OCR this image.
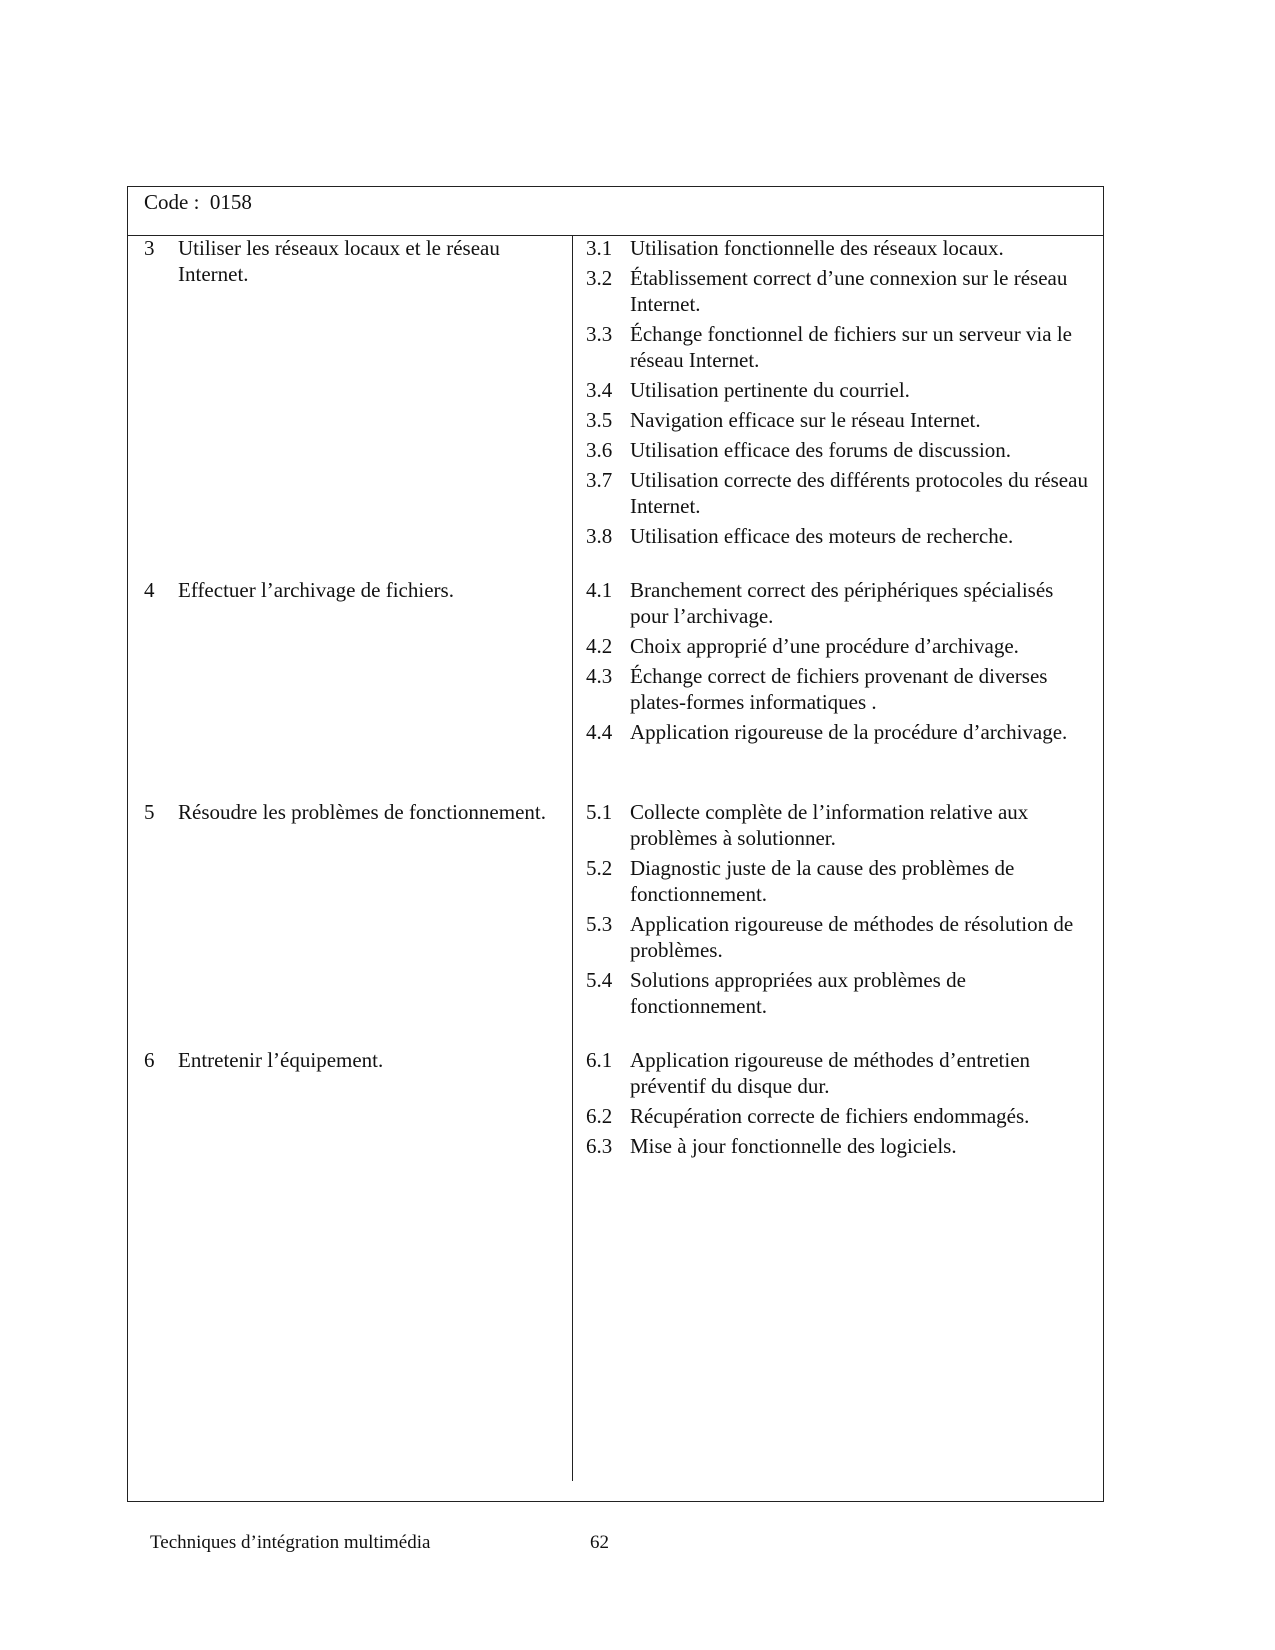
Code : 0158
3	Utiliser les réseaux locaux et le réseau Internet.
3.1 Utilisation fonctionnelle des réseaux locaux.
3.2 Établissement correct d’une connexion sur le réseau Internet.
3.3 Échange fonctionnel de fichiers sur un serveur via le réseau Internet.
3.4 Utilisation pertinente du courriel.
3.5 Navigation efficace sur le réseau Internet.
3.6 Utilisation efficace des forums de discussion.
3.7 Utilisation correcte des différents protocoles du réseau Internet.
3.8 Utilisation efficace des moteurs de recherche.
4	Effectuer l’archivage de fichiers.	4.1 Branchement correct des périphériques spécialisés pour l’archivage.
4.2 Choix approprié d’une procédure d’archivage.
4.3 Échange correct de fichiers provenant de diverses plates-formes informatiques .
4.4 Application rigoureuse de la procédure d’archivage.
5	Résoudre les problèmes de fonctionnement.	5.1 Collecte complète de l’information relative aux problèmes à solutionner.
5.2 Diagnostic juste de la cause des problèmes de fonctionnement.
5.3 Application rigoureuse de méthodes de résolution de problèmes.
5.4 Solutions appropriées aux problèmes de fonctionnement.
6	Entretenir l’équipement.	6.1 Application rigoureuse de méthodes d’entretien préventif du disque dur.
6.2 Récupération correcte de fichiers endommagés.
6.3 Mise à jour fonctionnelle des logiciels.
Techniques d’intégration multimédia	62
